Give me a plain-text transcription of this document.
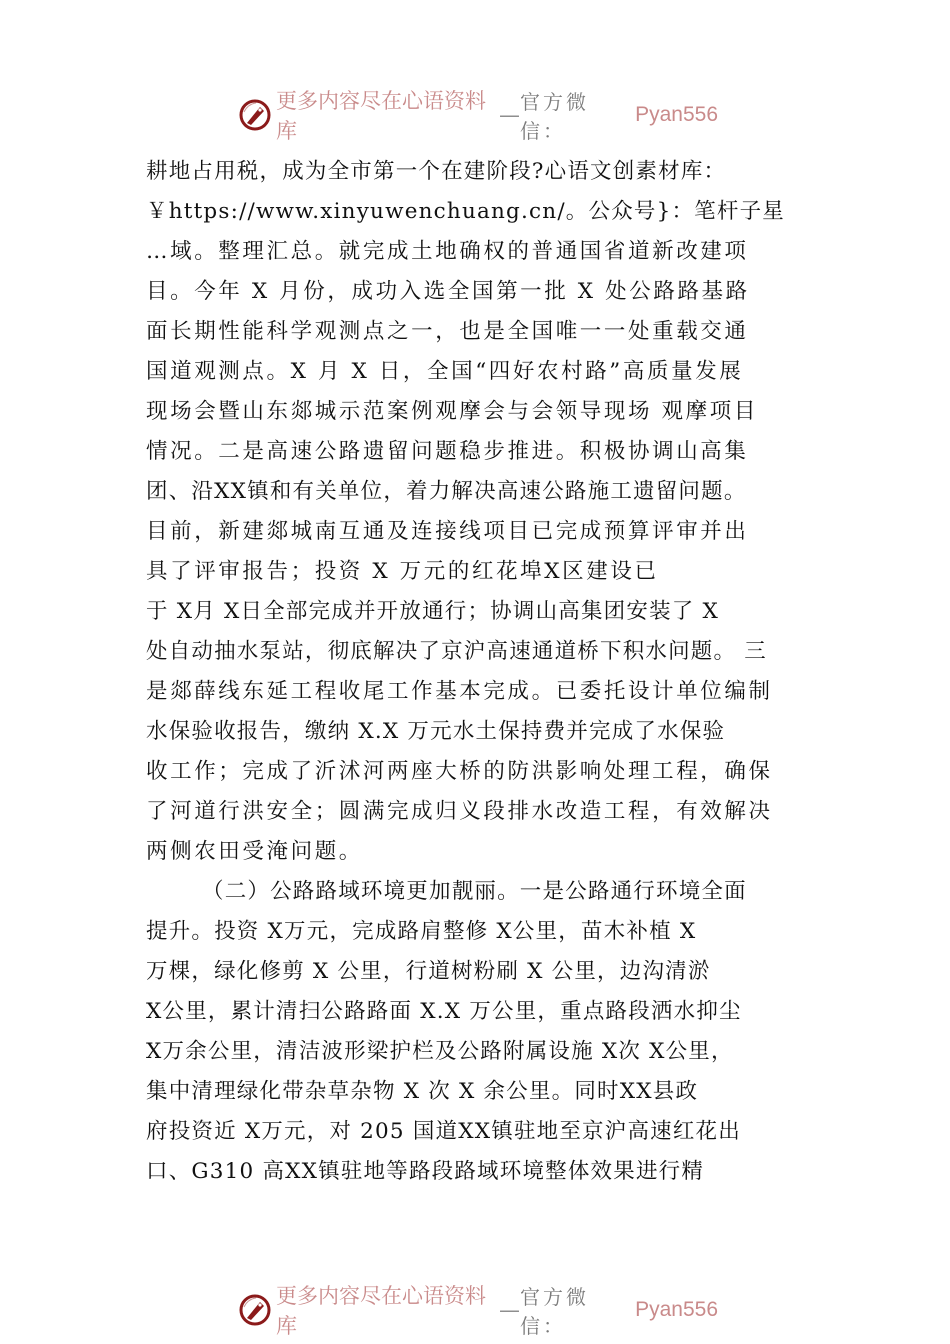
更多内容尽在心语资料库
—
官方微信：
Pyan556
耕地占用税，成为全市第一个在建阶段?心语文创素材库：
￥https://www.xinyuwenchuang.cn/。公众号}：笔杆子星
…域。整理汇总。就完成土地确权的普通国省道新改建项
目。今年 X 月份，成功入选全国第一批 X 处公路路基路
面长期性能科学观测点之一，也是全国唯一一处重载交通
国道观测点。X 月 X 日，全国“四好农村路”高质量发展
现场会暨山东郯城示范案例观摩会与会领导现场 观摩项目
情况。二是高速公路遗留问题稳步推进。积极协调山高集
团、沿XX镇和有关单位，着力解决高速公路施工遗留问题。
目前，新建郯城南互通及连接线项目已完成预算评审并出
具了评审报告；投资 X 万元的红花埠X区建设已
于 X月 X日全部完成并开放通行；协调山高集团安装了 X
处自动抽水泵站，彻底解决了京沪高速通道桥下积水问题。 三
是郯薛线东延工程收尾工作基本完成。已委托设计单位编制
水保验收报告，缴纳 X.X 万元水土保持费并完成了水保验
收工作；完成了沂沭河两座大桥的防洪影响处理工程，确保
了河道行洪安全；圆满完成归义段排水改造工程，有效解决
两侧农田受淹问题。
（二）公路路域环境更加靓丽。一是公路通行环境全面
提升。投资 X万元，完成路肩整修 X公里，苗木补植 X
万棵，绿化修剪 X 公里，行道树粉刷 X 公里，边沟清淤
X公里，累计清扫公路路面 X.X 万公里，重点路段洒水抑尘
X万余公里，清洁波形梁护栏及公路附属设施 X次 X公里，
集中清理绿化带杂草杂物 X 次 X 余公里。同时XX县政
府投资近 X万元，对 205 国道XX镇驻地至京沪高速红花出
口、G310 高XX镇驻地等路段路域环境整体效果进行精
更多内容尽在心语资料库
—
官方微信：
Pyan556
